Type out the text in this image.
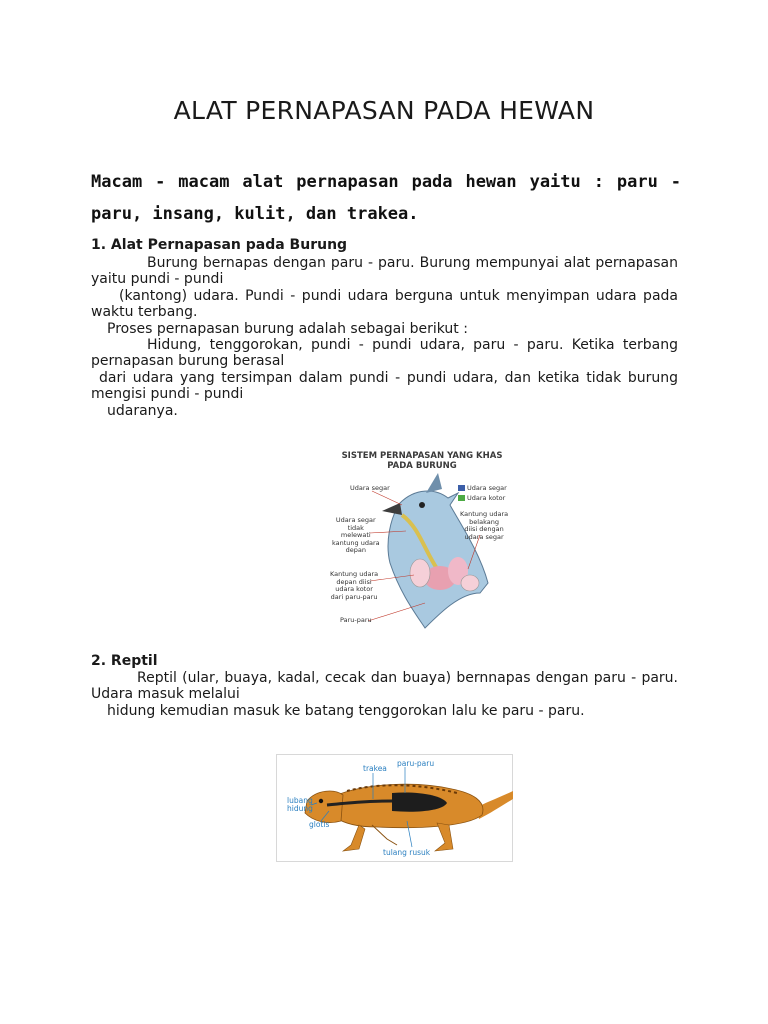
ALAT PERNAPASAN PADA HEWAN
Macam - macam alat pernapasan pada hewan yaitu : paru - paru, insang, kulit, dan trakea.
1. Alat Pernapasan pada Burung
Burung bernapas dengan paru - paru. Burung mempunyai alat pernapasan
yaitu pundi - pundi
(kantong) udara. Pundi - pundi udara berguna untuk menyimpan udara pada
waktu terbang.
Proses pernapasan burung adalah sebagai berikut :
Hidung, tenggorokan, pundi - pundi udara, paru - paru. Ketika terbang
pernapasan burung berasal
dari udara yang tersimpan dalam pundi - pundi udara, dan ketika tidak burung
mengisi pundi - pundi
udaranya.
SISTEM PERNAPASAN YANG KHAS
PADA BURUNG
Udara segar
Udara kotor
Udara segar
Udara segar
tidak
melewati
kantung udara
depan
Kantung udara
depan diisi
udara kotor
dari paru-paru
Paru-paru
Kantung udara
belakang
diisi dengan
udara segar
2. Reptil
Reptil (ular, buaya, kadal, cecak dan buaya) bernnapas dengan paru - paru.
Udara masuk melalui
hidung kemudian masuk ke batang tenggorokan lalu ke paru - paru.
trakea
paru-paru
lubang
hidung
glotis
tulang rusuk
